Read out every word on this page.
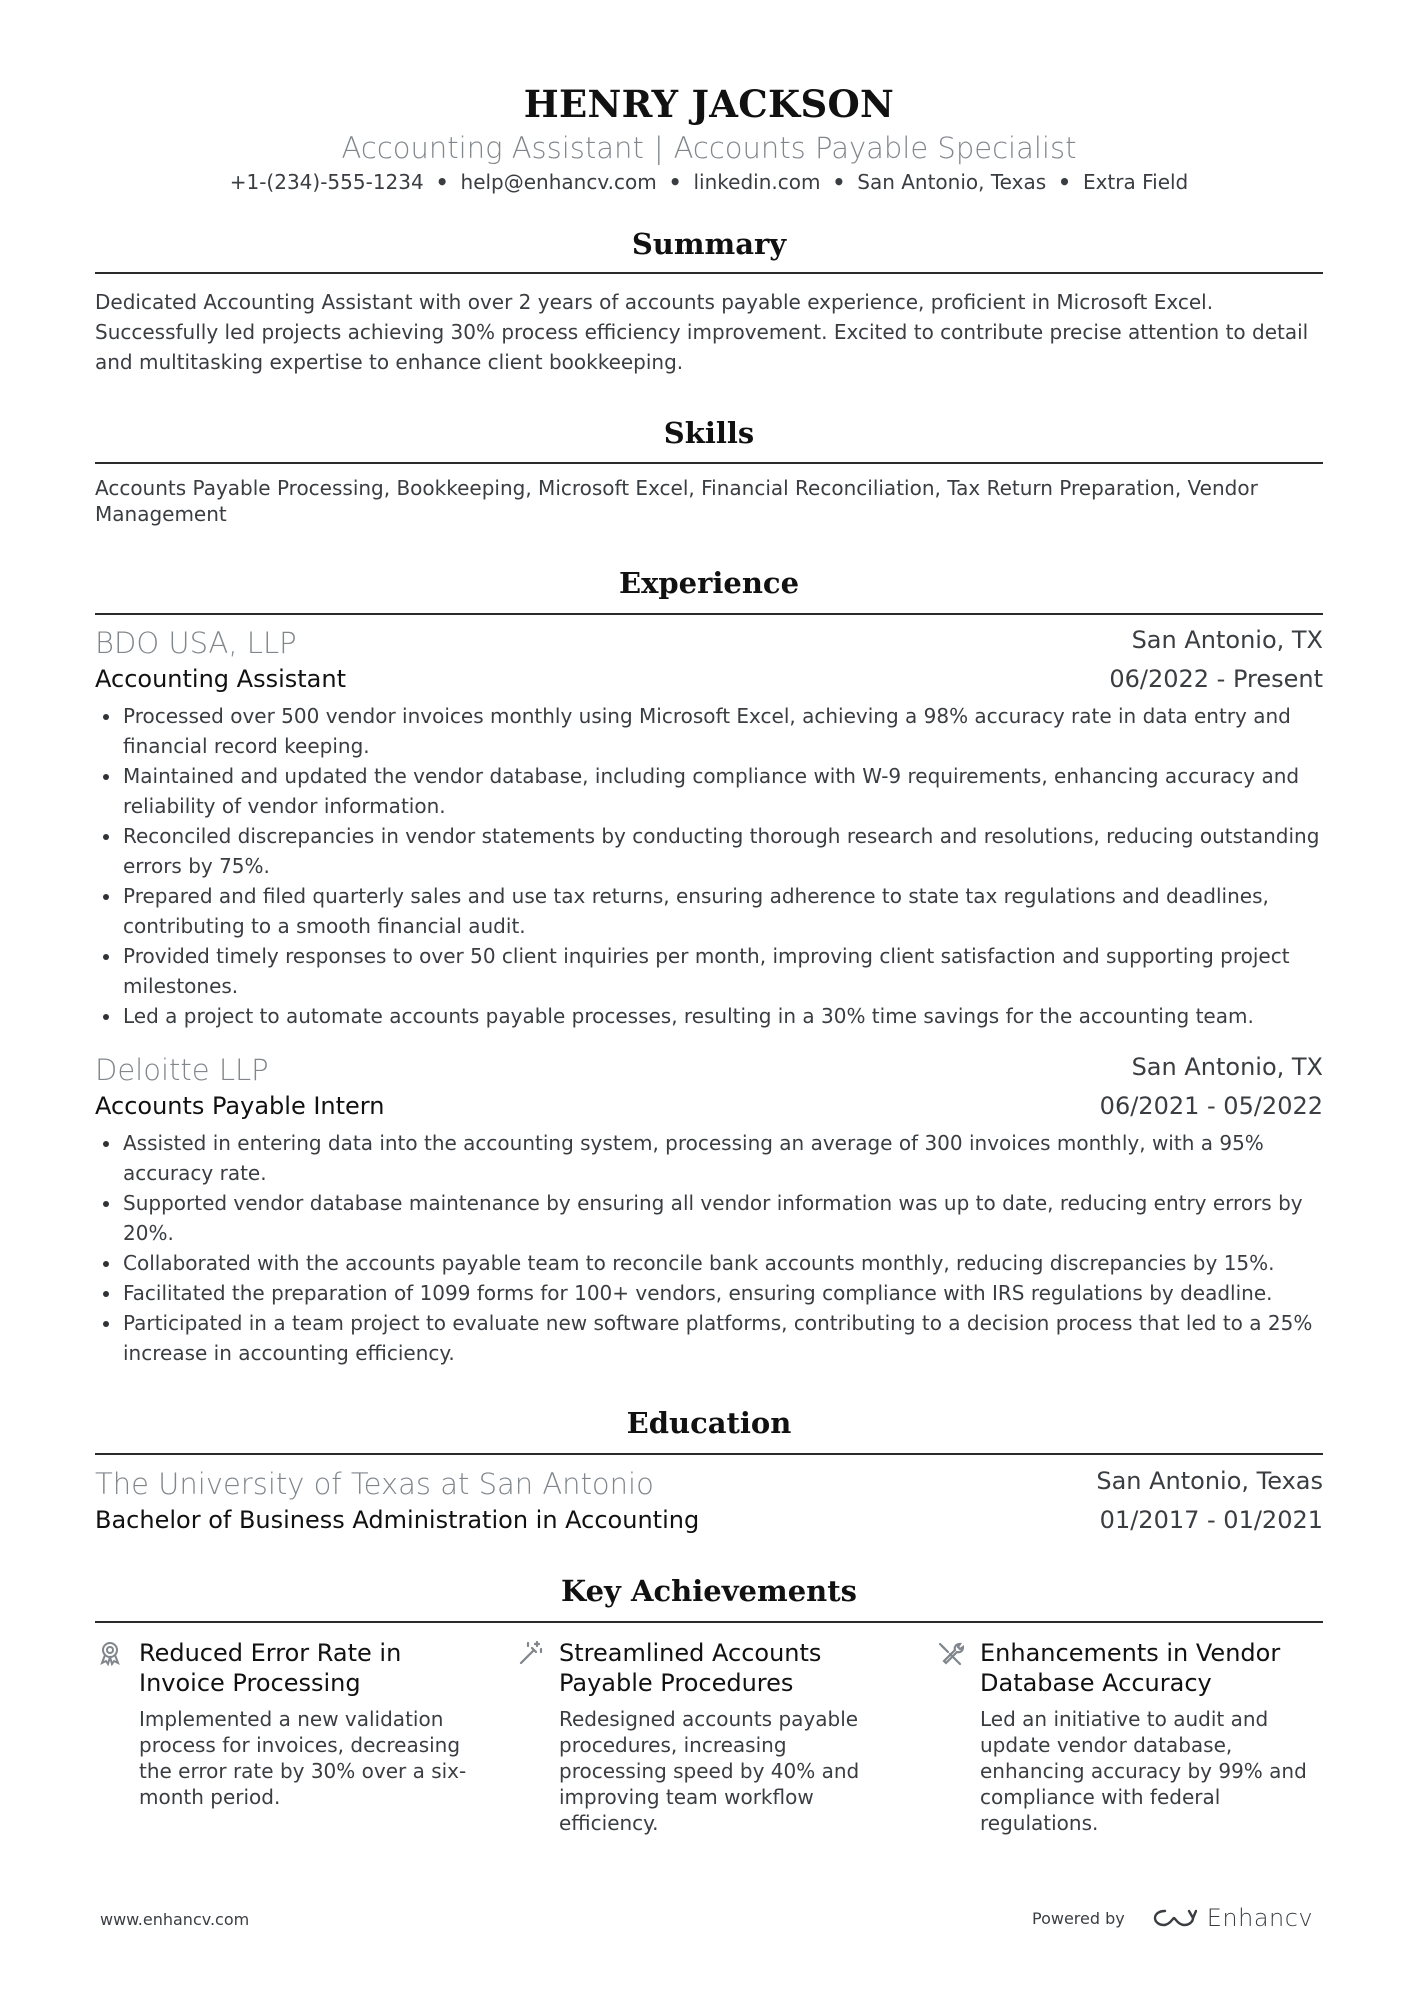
HENRY JACKSON
Accounting Assistant | Accounts Payable Specialist
+1-(234)-555-1234 • help@enhancv.com • linkedin.com • San Antonio, Texas • Extra Field
Summary
Dedicated Accounting Assistant with over 2 years of accounts payable experience, proficient in Microsoft Excel. Successfully led projects achieving 30% process efficiency improvement. Excited to contribute precise attention to detail and multitasking expertise to enhance client bookkeeping.
Skills
Accounts Payable Processing, Bookkeeping, Microsoft Excel, Financial Reconciliation, Tax Return Preparation, Vendor Management
Experience
BDO USA, LLP	San Antonio, TX
Accounting Assistant	06/2022 - Present
Processed over 500 vendor invoices monthly using Microsoft Excel, achieving a 98% accuracy rate in data entry and financial record keeping.
Maintained and updated the vendor database, including compliance with W-9 requirements, enhancing accuracy and reliability of vendor information.
Reconciled discrepancies in vendor statements by conducting thorough research and resolutions, reducing outstanding errors by 75%.
Prepared and filed quarterly sales and use tax returns, ensuring adherence to state tax regulations and deadlines, contributing to a smooth financial audit.
Provided timely responses to over 50 client inquiries per month, improving client satisfaction and supporting project milestones.
Led a project to automate accounts payable processes, resulting in a 30% time savings for the accounting team.
Deloitte LLP	San Antonio, TX
Accounts Payable Intern	06/2021 - 05/2022
Assisted in entering data into the accounting system, processing an average of 300 invoices monthly, with a 95% accuracy rate.
Supported vendor database maintenance by ensuring all vendor information was up to date, reducing entry errors by 20%.
Collaborated with the accounts payable team to reconcile bank accounts monthly, reducing discrepancies by 15%.
Facilitated the preparation of 1099 forms for 100+ vendors, ensuring compliance with IRS regulations by deadline.
Participated in a team project to evaluate new software platforms, contributing to a decision process that led to a 25% increase in accounting efficiency.
Education
The University of Texas at San Antonio	San Antonio, Texas
Bachelor of Business Administration in Accounting	01/2017 - 01/2021
Key Achievements
Reduced Error Rate in Invoice Processing
Implemented a new validation process for invoices, decreasing the error rate by 30% over a six-month period.
Streamlined Accounts Payable Procedures
Redesigned accounts payable procedures, increasing processing speed by 40% and improving team workflow efficiency.
Enhancements in Vendor Database Accuracy
Led an initiative to audit and update vendor database, enhancing accuracy by 99% and compliance with federal regulations.
www.enhancv.com	Powered by	Enhancv
